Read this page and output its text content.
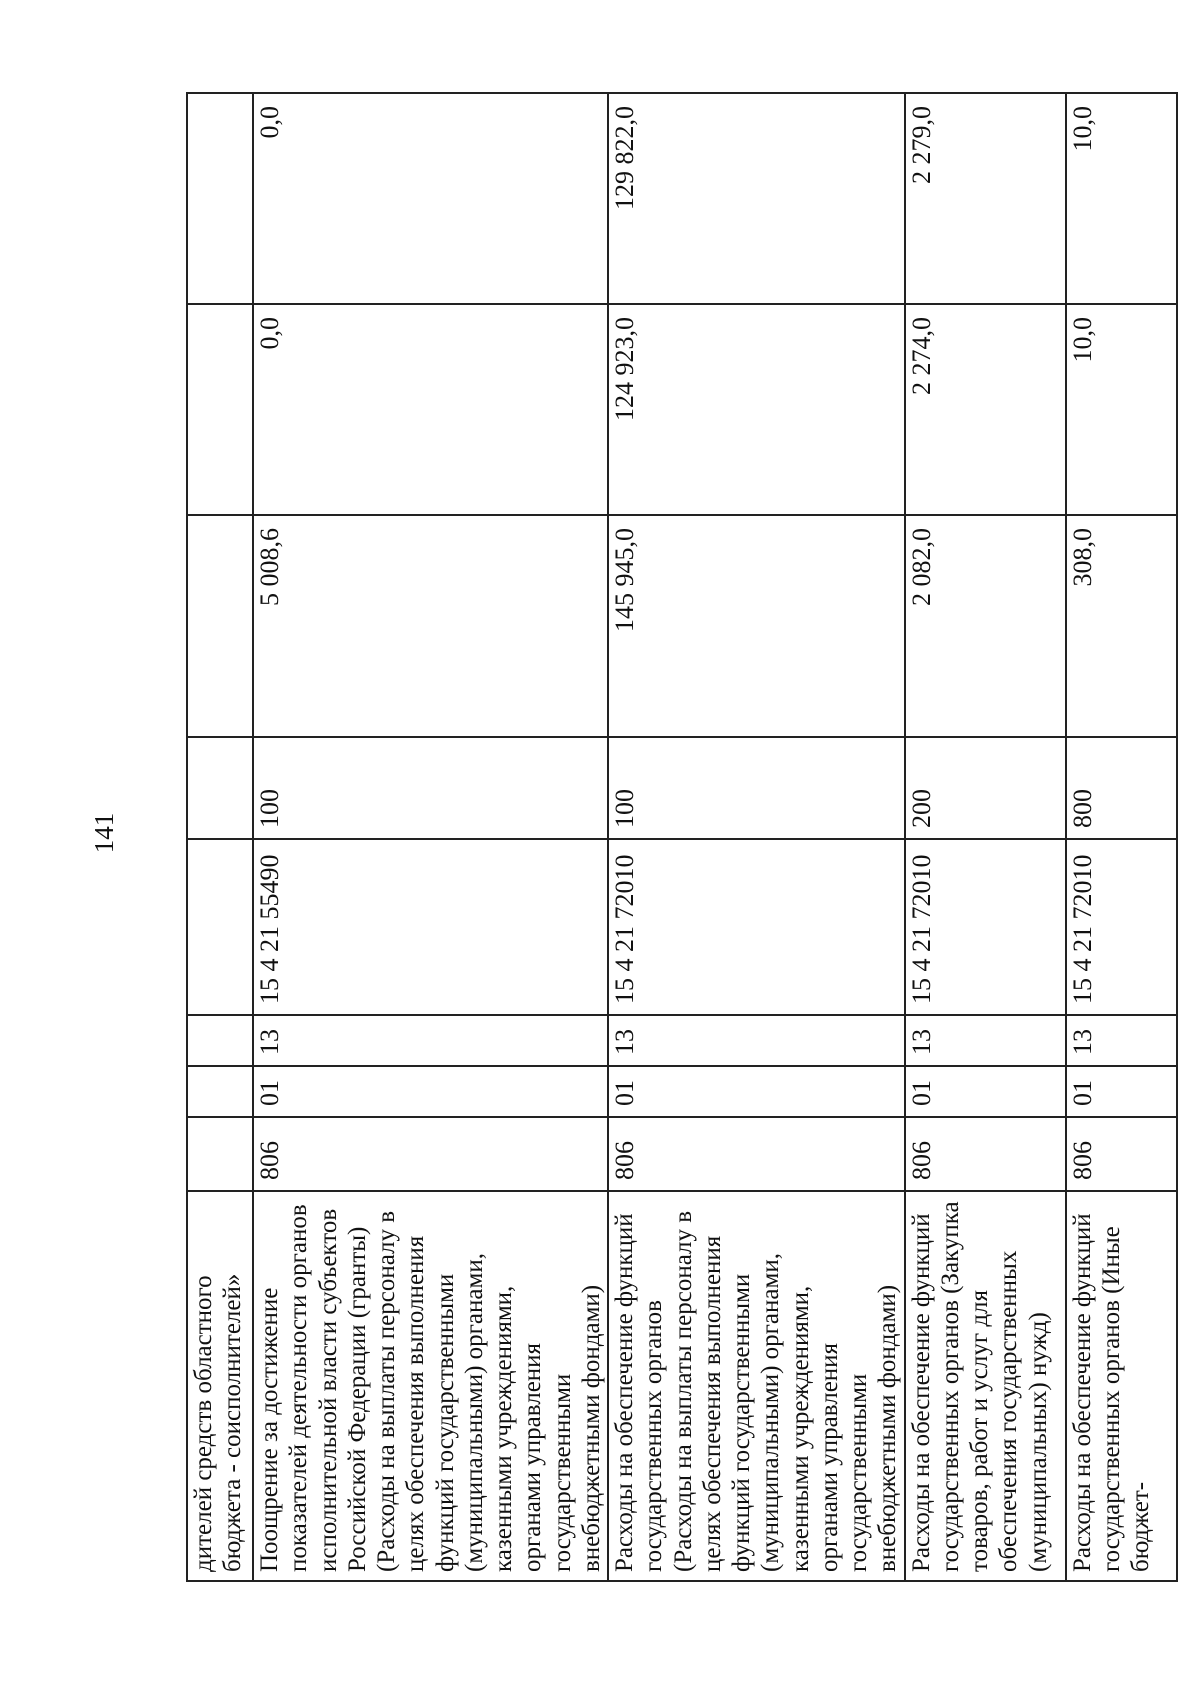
141
дителей средств областного бюджета - соисполнителей»								
Поощрение за достижение показателей деятельности органов исполнительной власти субъектов Российской Федерации (гранты) (Расходы на выплаты персоналу в целях обеспечения выполнения функций государственными (муниципальными) органами, казенными учреждениями, органами управления государственными внебюджетными фондами)	806	01	13	15 4 21 55490	100	5 008,6	0,0	0,0
Расходы на обеспечение функций государственных органов (Расходы на выплаты персоналу в целях обеспечения выполнения функций государственными (муниципальными) органами, казенными учреждениями, органами управления государственными внебюджетными фондами)	806	01	13	15 4 21 72010	100	145 945,0	124 923,0	129 822,0
Расходы на обеспечение функций государственных органов (Закупка товаров, работ и услуг для обеспечения государственных (муниципальных) нужд)	806	01	13	15 4 21 72010	200	2 082,0	2 274,0	2 279,0
Расходы на обеспечение функций государственных органов (Иные бюджет-	806	01	13	15 4 21 72010	800	308,0	10,0	10,0
